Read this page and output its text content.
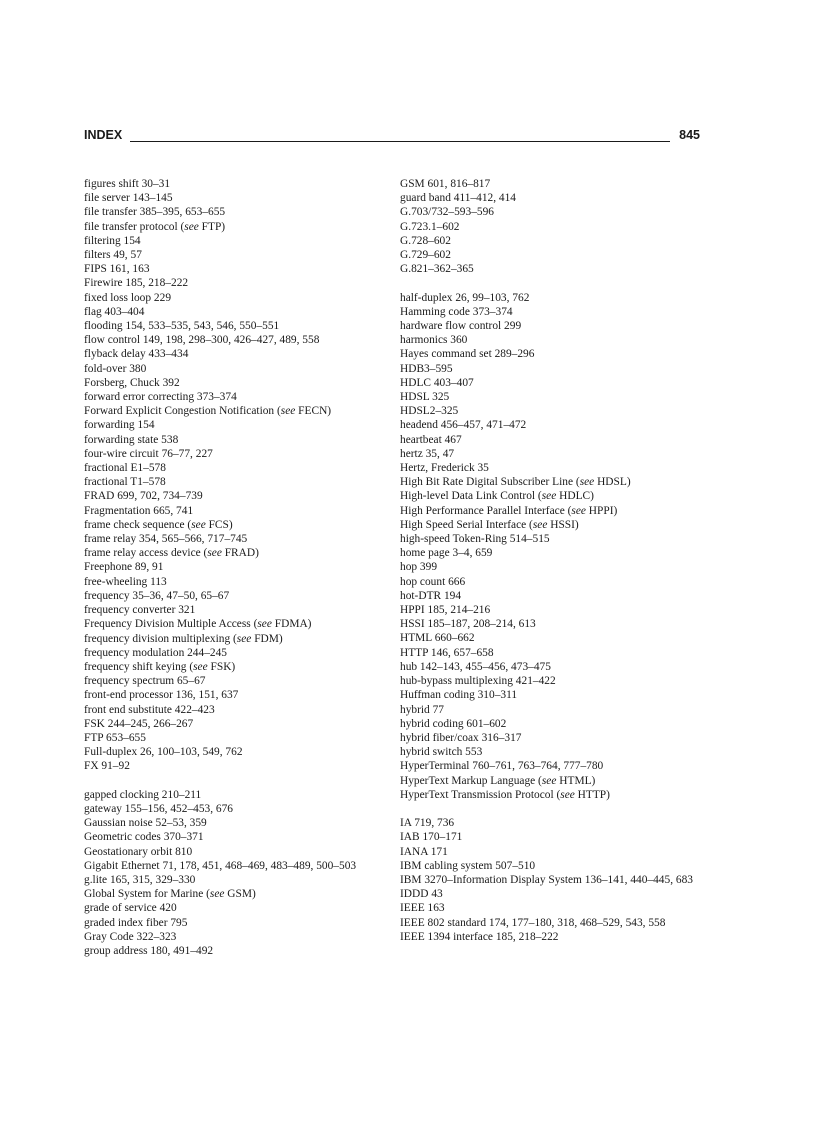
INDEX	845
figures shift 30–31
file server 143–145
file transfer 385–395, 653–655
file transfer protocol (see FTP)
filtering 154
filters 49, 57
FIPS 161, 163
Firewire 185, 218–222
fixed loss loop 229
flag 403–404
flooding 154, 533–535, 543, 546, 550–551
flow control 149, 198, 298–300, 426–427, 489, 558
flyback delay 433–434
fold-over 380
Forsberg, Chuck 392
forward error correcting 373–374
Forward Explicit Congestion Notification (see FECN)
forwarding 154
forwarding state 538
four-wire circuit 76–77, 227
fractional E1–578
fractional T1–578
FRAD 699, 702, 734–739
Fragmentation 665, 741
frame check sequence (see FCS)
frame relay 354, 565–566, 717–745
frame relay access device (see FRAD)
Freephone 89, 91
free-wheeling 113
frequency 35–36, 47–50, 65–67
frequency converter 321
Frequency Division Multiple Access (see FDMA)
frequency division multiplexing (see FDM)
frequency modulation 244–245
frequency shift keying (see FSK)
frequency spectrum 65–67
front-end processor 136, 151, 637
front end substitute 422–423
FSK 244–245, 266–267
FTP 653–655
Full-duplex 26, 100–103, 549, 762
FX 91–92
gapped clocking 210–211
gateway 155–156, 452–453, 676
Gaussian noise 52–53, 359
Geometric codes 370–371
Geostationary orbit 810
Gigabit Ethernet 71, 178, 451, 468–469, 483–489, 500–503
g.lite 165, 315, 329–330
Global System for Marine (see GSM)
grade of service 420
graded index fiber 795
Gray Code 322–323
group address 180, 491–492
GSM 601, 816–817
guard band 411–412, 414
G.703/732–593–596
G.723.1–602
G.728–602
G.729–602
G.821–362–365
half-duplex 26, 99–103, 762
Hamming code 373–374
hardware flow control 299
harmonics 360
Hayes command set 289–296
HDB3–595
HDLC 403–407
HDSL 325
HDSL2–325
headend 456–457, 471–472
heartbeat 467
hertz 35, 47
Hertz, Frederick 35
High Bit Rate Digital Subscriber Line (see HDSL)
High-level Data Link Control (see HDLC)
High Performance Parallel Interface (see HPPI)
High Speed Serial Interface (see HSSI)
high-speed Token-Ring 514–515
home page 3–4, 659
hop 399
hop count 666
hot-DTR 194
HPPI 185, 214–216
HSSI 185–187, 208–214, 613
HTML 660–662
HTTP 146, 657–658
hub 142–143, 455–456, 473–475
hub-bypass multiplexing 421–422
Huffman coding 310–311
hybrid 77
hybrid coding 601–602
hybrid fiber/coax 316–317
hybrid switch 553
HyperTerminal 760–761, 763–764, 777–780
HyperText Markup Language (see HTML)
HyperText Transmission Protocol (see HTTP)
IA 719, 736
IAB 170–171
IANA 171
IBM cabling system 507–510
IBM 3270–Information Display System 136–141, 440–445, 683
IDDD 43
IEEE 163
IEEE 802 standard 174, 177–180, 318, 468–529, 543, 558
IEEE 1394 interface 185, 218–222
